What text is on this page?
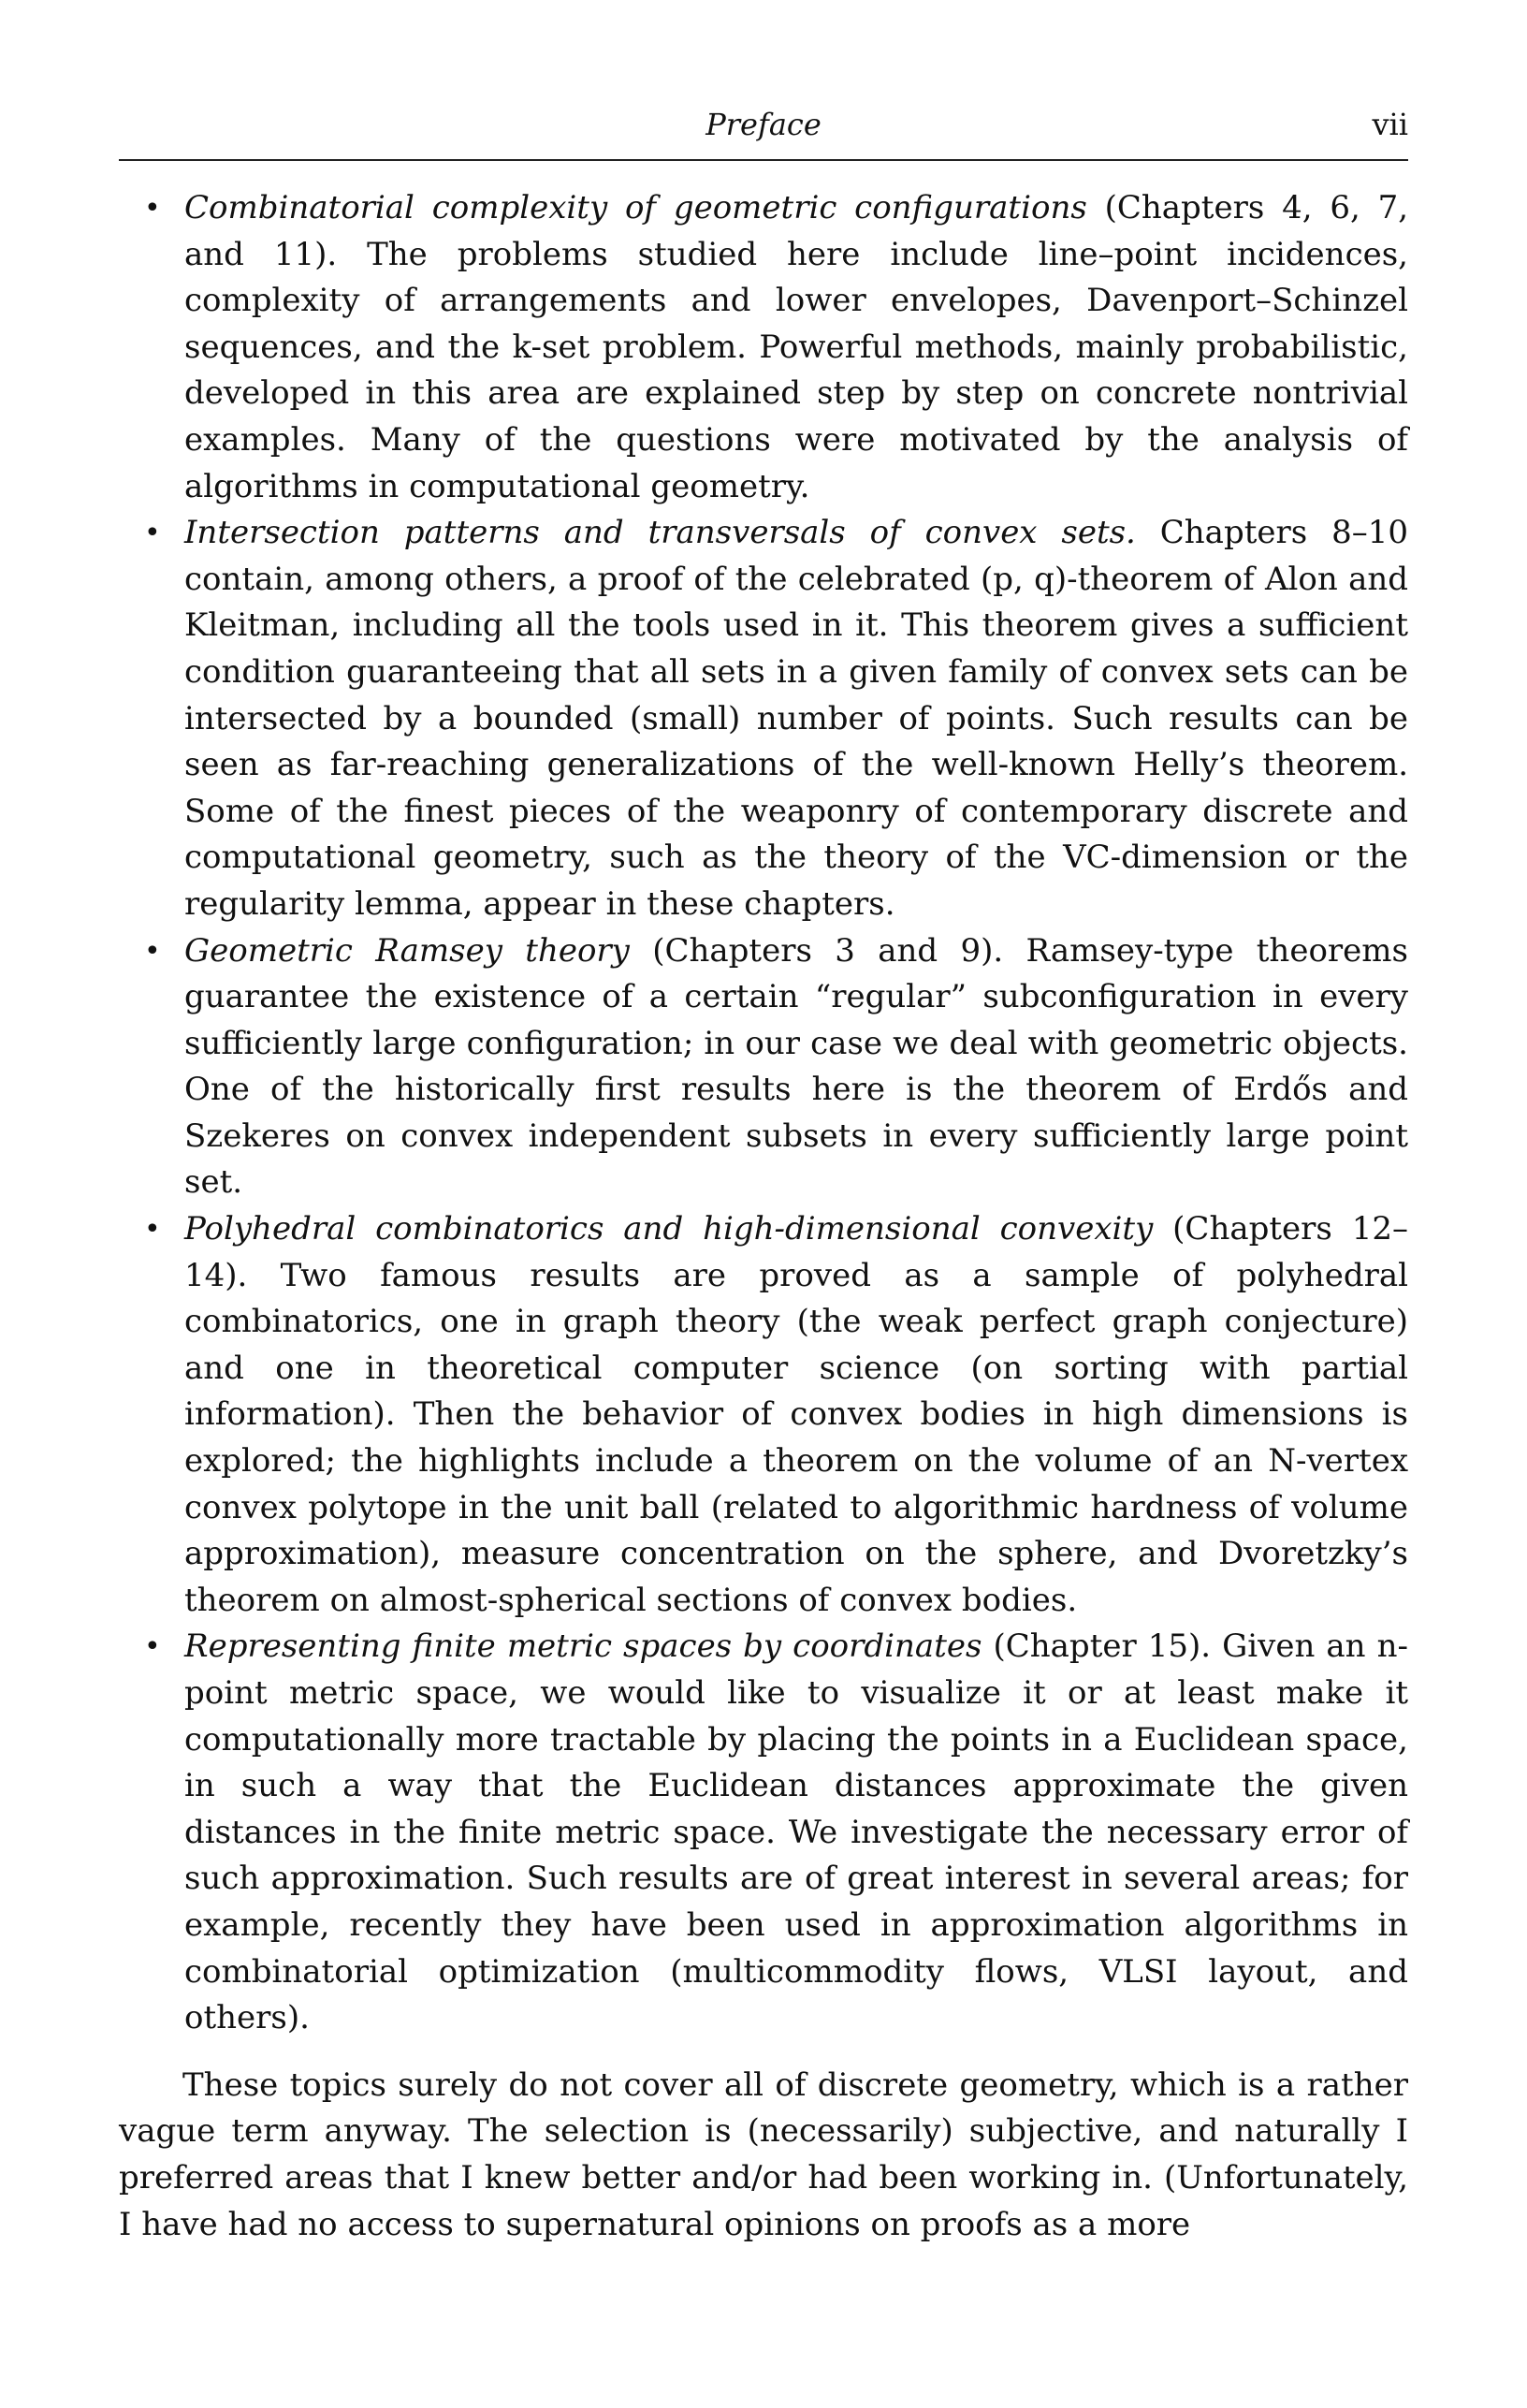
Preface	vii
• Combinatorial complexity of geometric configurations (Chapters 4, 6, 7, and 11). The problems studied here include line–point incidences, complexity of arrangements and lower envelopes, Davenport–Schinzel sequences, and the k-set problem. Powerful methods, mainly probabilistic, developed in this area are explained step by step on concrete nontrivial examples. Many of the questions were motivated by the analysis of algorithms in computational geometry.
• Intersection patterns and transversals of convex sets. Chapters 8–10 contain, among others, a proof of the celebrated (p, q)-theorem of Alon and Kleitman, including all the tools used in it. This theorem gives a sufficient condition guaranteeing that all sets in a given family of convex sets can be intersected by a bounded (small) number of points. Such results can be seen as far-reaching generalizations of the well-known Helly’s theorem. Some of the finest pieces of the weaponry of contemporary discrete and computational geometry, such as the theory of the VC-dimension or the regularity lemma, appear in these chapters.
• Geometric Ramsey theory (Chapters 3 and 9). Ramsey-type theorems guarantee the existence of a certain “regular” subconfiguration in every sufficiently large configuration; in our case we deal with geometric objects. One of the historically first results here is the theorem of Erdős and Szekeres on convex independent subsets in every sufficiently large point set.
• Polyhedral combinatorics and high-dimensional convexity (Chapters 12–14). Two famous results are proved as a sample of polyhedral combinatorics, one in graph theory (the weak perfect graph conjecture) and one in theoretical computer science (on sorting with partial information). Then the behavior of convex bodies in high dimensions is explored; the highlights include a theorem on the volume of an N-vertex convex polytope in the unit ball (related to algorithmic hardness of volume approximation), measure concentration on the sphere, and Dvoretzky’s theorem on almost-spherical sections of convex bodies.
• Representing finite metric spaces by coordinates (Chapter 15). Given an n-point metric space, we would like to visualize it or at least make it computationally more tractable by placing the points in a Euclidean space, in such a way that the Euclidean distances approximate the given distances in the finite metric space. We investigate the necessary error of such approximation. Such results are of great interest in several areas; for example, recently they have been used in approximation algorithms in combinatorial optimization (multicommodity flows, VLSI layout, and others).

These topics surely do not cover all of discrete geometry, which is a rather vague term anyway. The selection is (necessarily) subjective, and naturally I preferred areas that I knew better and/or had been working in. (Unfortunately, I have had no access to supernatural opinions on proofs as a more
